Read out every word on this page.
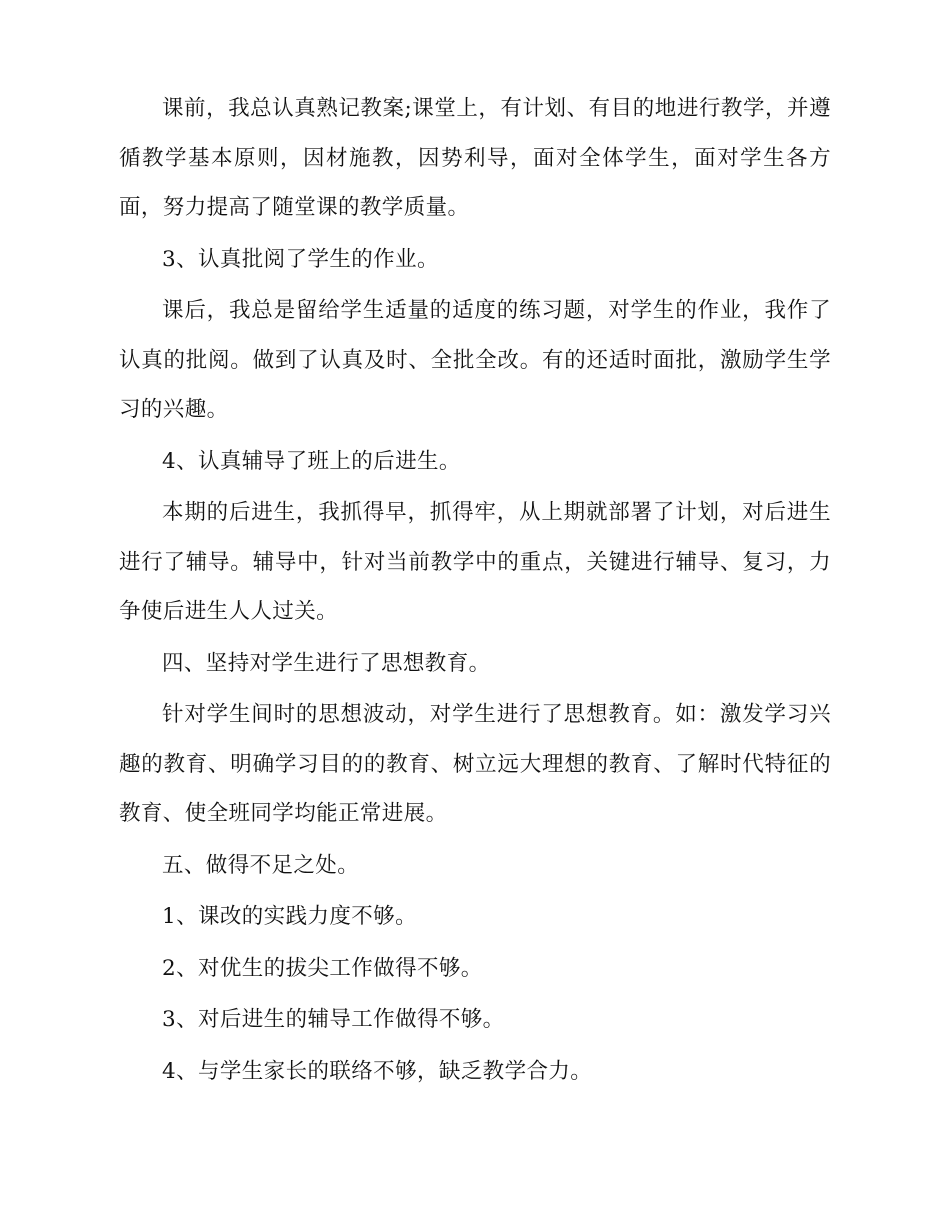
课前，我总认真熟记教案;课堂上，有计划、有目的地进行教学，并遵循教学基本原则，因材施教，因势利导，面对全体学生，面对学生各方面，努力提高了随堂课的教学质量。

3、认真批阅了学生的作业。

课后，我总是留给学生适量的适度的练习题，对学生的作业，我作了认真的批阅。做到了认真及时、全批全改。有的还适时面批，激励学生学习的兴趣。

4、认真辅导了班上的后进生。

本期的后进生，我抓得早，抓得牢，从上期就部署了计划，对后进生进行了辅导。辅导中，针对当前教学中的重点，关键进行辅导、复习，力争使后进生人人过关。

四、坚持对学生进行了思想教育。

针对学生间时的思想波动，对学生进行了思想教育。如：激发学习兴趣的教育、明确学习目的的教育、树立远大理想的教育、了解时代特征的教育、使全班同学均能正常进展。

五、做得不足之处。

1、课改的实践力度不够。

2、对优生的拔尖工作做得不够。

3、对后进生的辅导工作做得不够。

4、与学生家长的联络不够，缺乏教学合力。
